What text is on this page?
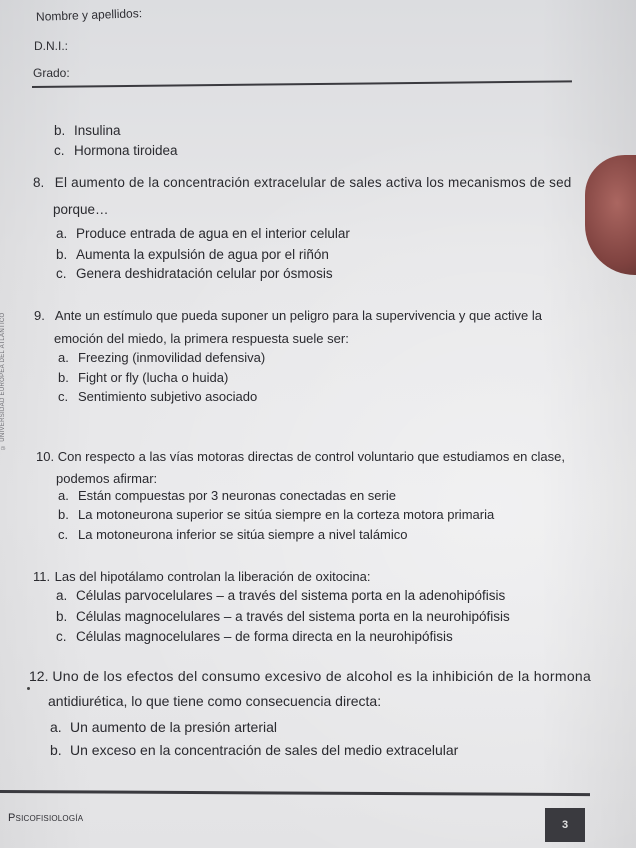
Nombre y apellidos:
D.N.I.:
Grado:
© UNIVERSIDAD EUROPEA DEL ATLÁNTICO
b. Insulina
c. Hormona tiroidea
8. El aumento de la concentración extracelular de sales activa los mecanismos de sed
porque…
a. Produce entrada de agua en el interior celular
b. Aumenta la expulsión de agua por el riñón
c. Genera deshidratación celular por ósmosis
9. Ante un estímulo que pueda suponer un peligro para la supervivencia y que active la
emoción del miedo, la primera respuesta suele ser:
a. Freezing (inmovilidad defensiva)
b. Fight or fly (lucha o huida)
c. Sentimiento subjetivo asociado
10. Con respecto a las vías motoras directas de control voluntario que estudiamos en clase,
podemos afirmar:
a. Están compuestas por 3 neuronas conectadas en serie
b. La motoneurona superior se sitúa siempre en la corteza motora primaria
c. La motoneurona inferior se sitúa siempre a nivel talámico
11. Las del hipotálamo controlan la liberación de oxitocina:
a. Células parvocelulares – a través del sistema porta en la adenohipófisis
b. Células magnocelulares – a través del sistema porta en la neurohipófisis
c. Células magnocelulares – de forma directa en la neurohipófisis
12. Uno de los efectos del consumo excesivo de alcohol es la inhibición de la hormona
antidiurética, lo que tiene como consecuencia directa:
a. Un aumento de la presión arterial
b. Un exceso en la concentración de sales del medio extracelular
Psicofisiología
3
